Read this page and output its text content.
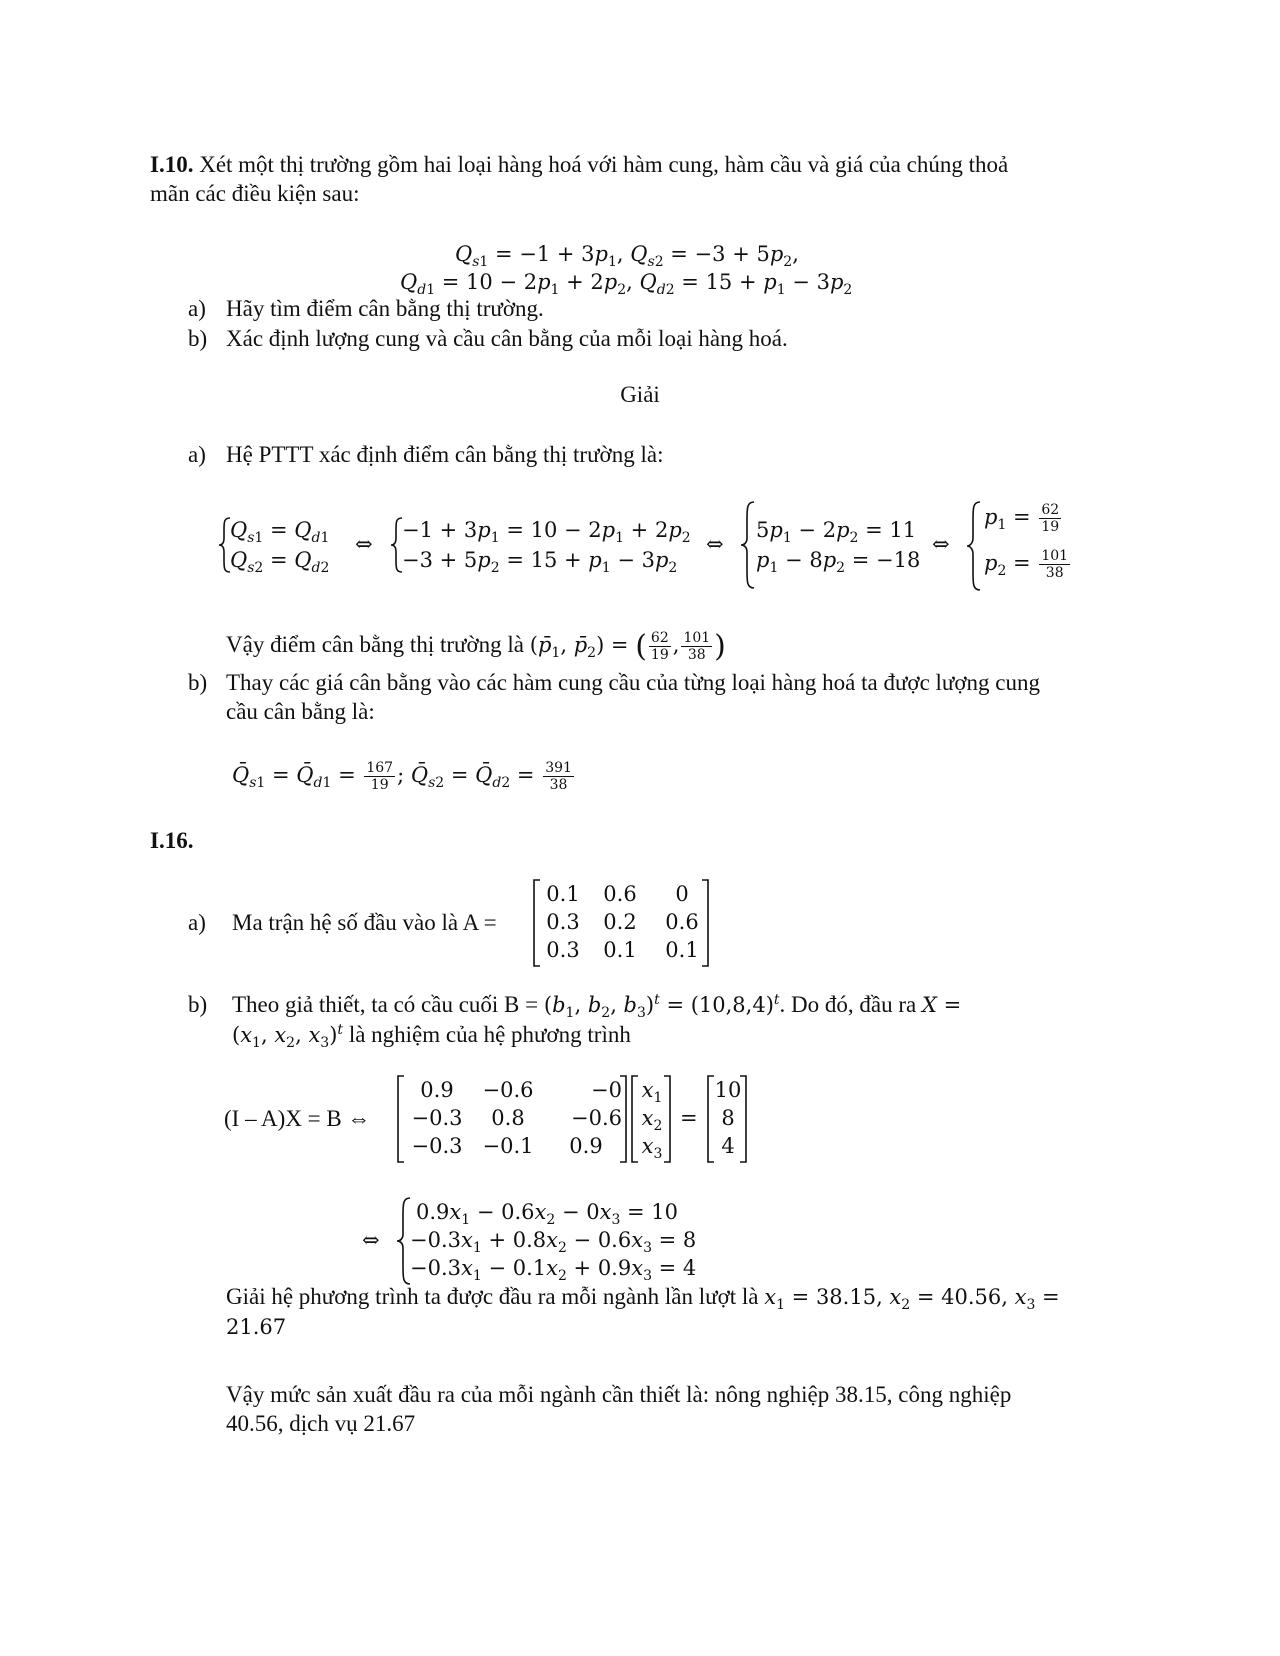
I.10. Xét một thị trường gồm hai loại hàng hoá với hàm cung, hàm cầu và giá của chúng thoả
mãn các điều kiện sau:
$Q_{s1} = -1 + 3p_1$, $Q_{s2} = -3 + 5p_2$,
$Q_{d1} = 10 - 2p_1 + 2p_2$, $Q_{d2} = 15 + p_1 - 3p_2$
a) Hãy tìm điểm cân bằng thị trường.
b) Xác định lượng cung và cầu cân bằng của mỗi loại hàng hoá.
Giải
a) Hệ PTTT xác định điểm cân bằng thị trường là:
$Q_{s1} = Q_{d1}$
$Q_{s2} = Q_{d2}$
⇔
$-1 + 3p_1 = 10 - 2p_1 + 2p_2$
$-3 + 5p_2 = 15 + p_1 - 3p_2$
⇔
$5p_1 - 2p_2 = 11$
$p_1 - 8p_2 = -18$
⇔
$p_1 = \frac{62}{19}$
$p_2 = \frac{101}{38}$
Vậy điểm cân bằng thị trường là ($p̄_1$, $p̄_2$) = ( $\frac{62}{19}$ , $\frac{101}{38}$ )
b) Thay các giá cân bằng vào các hàm cung cầu của từng loại hàng hoá ta được lượng cung
cầu cân bằng là:
$Q̄_{s1}$ = $Q̄_{d1} = \frac{167}{19}$ ; $Q̄_{s2}$ = $Q̄_{d2} = \frac{391}{38}$
I.16.
a) Ma trận hệ số đầu vào là A =
0.1	0.6	0
0.3	0.2	0.6
0.3	0.1	0.1
b) Theo giả thiết, ta có cầu cuối $B = (b_1$, $b_2$, $b_3)^t = (10,8,4)^t$. Do đó, đầu ra X =
($x_1$, $x_2$, $x_3)^t$ là nghiệm của hệ phương trình
(I – A)X = B ⇔
0.9	−0.6	−0
−0.3	0.8	−0.6
−0.3 −0.1	0.9
$x_1$
$x_2$
$x_3$
=
10
8
4
⇔
$0.9x_1 - 0.6x_2 - 0x_3 = 10$
$-0.3x_1 + 0.8x_2 - 0.6x_3 = 8$
$-0.3x_1 - 0.1x_2 + 0.9x_3 = 4$
Giải hệ phương trình ta được đầu ra mỗi ngành lần lượt là $x_1 = 38.15$, $x_2 = 40.56$, $x_3$ =
21.67
Vậy mức sản xuất đầu ra của mỗi ngành cần thiết là: nông nghiệp 38.15, công nghiệp
40.56, dịch vụ 21.67
